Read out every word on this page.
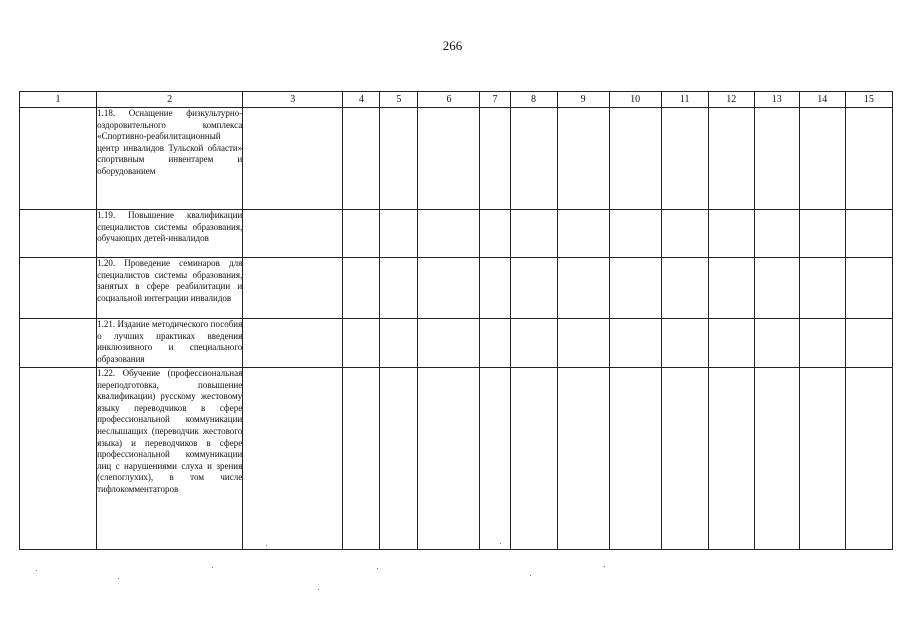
266
1	2	3	4	5	6	7	8	9	10	11	12	13	14	15
	1.18. Оснащение физкультурно-оздоровительного комплекса «Спортивно-реабилитационный центр инвалидов Тульской области» спортивным инвентарем и оборудованием													
	1.19. Повышение квалификации специалистов системы образования, обучающих детей-инвалидов													
	1.20. Проведение семинаров для специалистов системы образования, занятых в сфере реабилитации и социальной интеграции инвалидов													
	1.21. Издание методического пособия о лучших практиках введения инклюзивного и специального образования													
	1.22. Обучение (профессиональная переподготовка, повышение квалификации) русскому жестовому языку переводчиков в сфере профессиональной коммуникации неслышащих (переводчик жестового языка) и переводчиков в сфере профессиональной коммуникации лиц с нарушениями слуха и зрения (слепоглухих), в том числе тифлокомментаторов													
